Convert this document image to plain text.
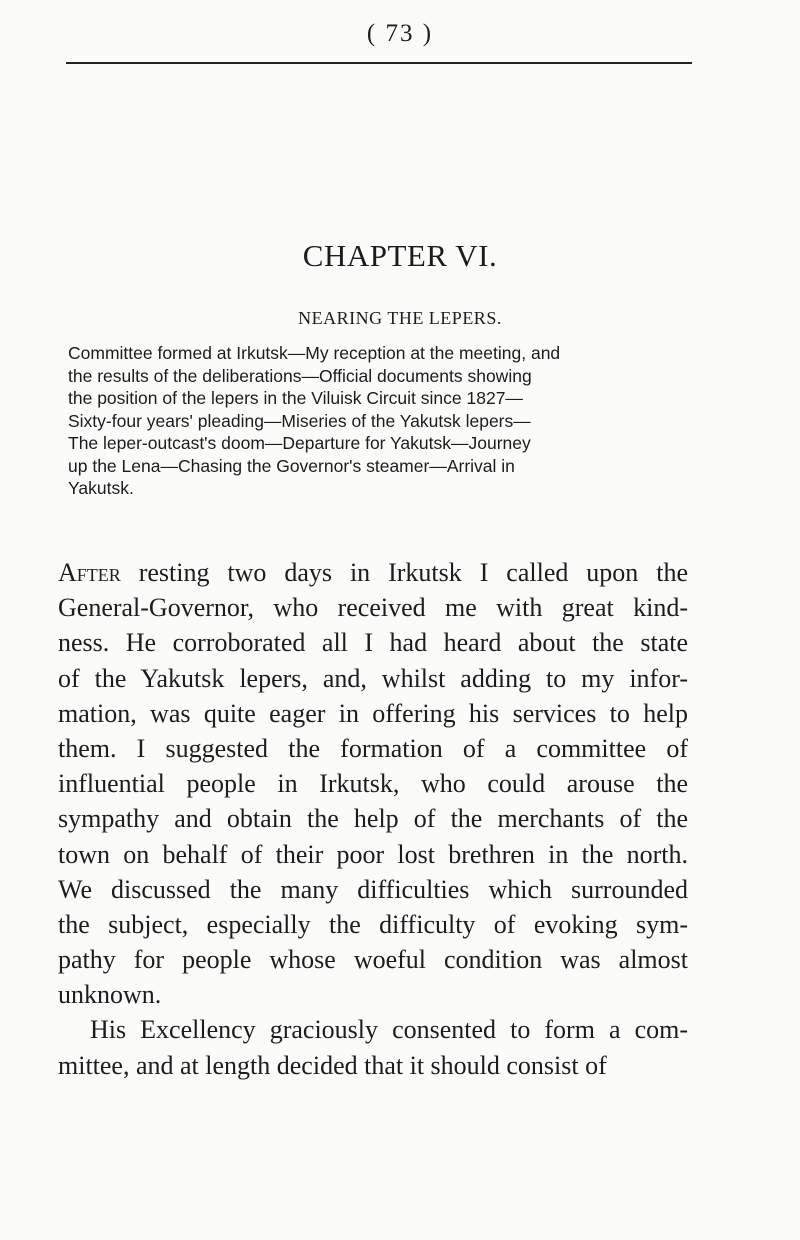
( 73 )
CHAPTER VI.
NEARING THE LEPERS.
Committee formed at Irkutsk—My reception at the meeting, and
the results of the deliberations—Official documents showing
the position of the lepers in the Viluisk Circuit since 1827—
Sixty-four years' pleading—Miseries of the Yakutsk lepers—
The leper-outcast's doom—Departure for Yakutsk—Journey
up the Lena—Chasing the Governor's steamer—Arrival in
Yakutsk.
After resting two days in Irkutsk I called upon the
General-Governor, who received me with great kind-
ness. He corroborated all I had heard about the state
of the Yakutsk lepers, and, whilst adding to my infor-
mation, was quite eager in offering his services to help
them. I suggested the formation of a committee of
influential people in Irkutsk, who could arouse the
sympathy and obtain the help of the merchants of the
town on behalf of their poor lost brethren in the north.
We discussed the many difficulties which surrounded
the subject, especially the difficulty of evoking sym-
pathy for people whose woeful condition was almost
unknown.
His Excellency graciously consented to form a com-
mittee, and at length decided that it should consist of
